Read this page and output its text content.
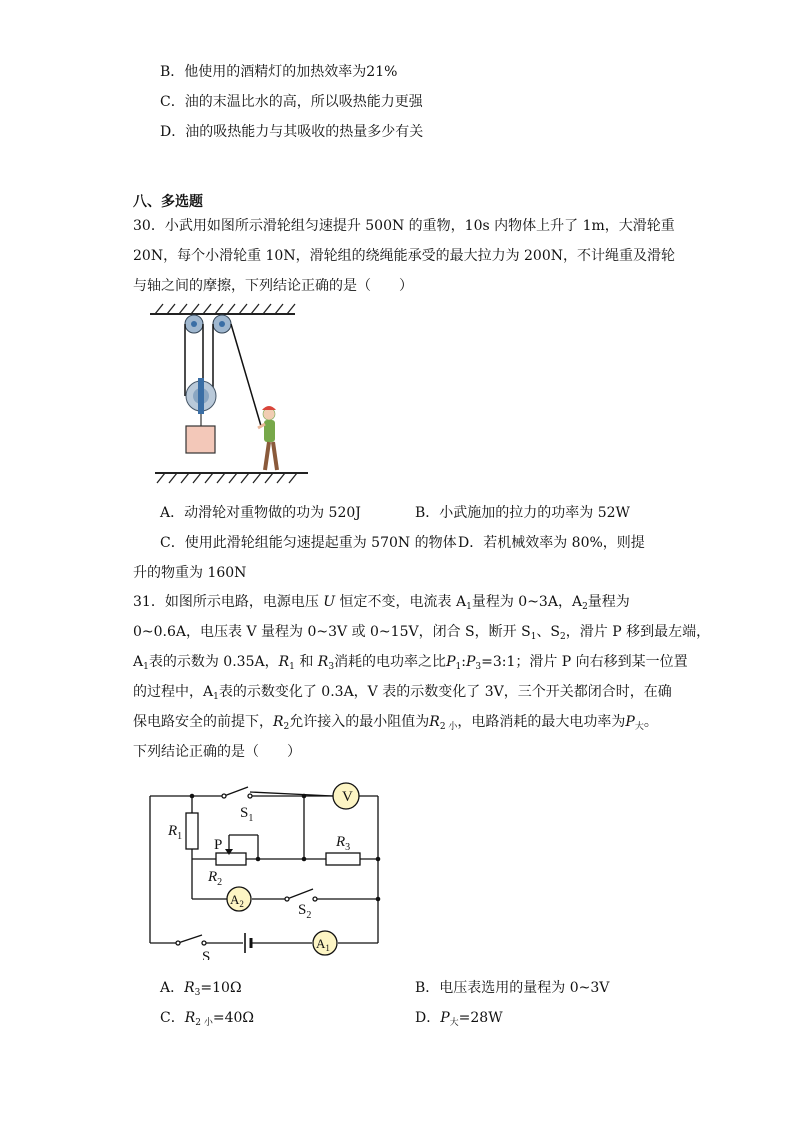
B．他使用的酒精灯的加热效率为21%
C．油的末温比水的高，所以吸热能力更强
D．油的吸热能力与其吸收的热量多少有关
八、多选题
30．小武用如图所示滑轮组匀速提升 500N 的重物，10s 内物体上升了 1m，大滑轮重
20N，每个小滑轮重 10N，滑轮组的绕绳能承受的最大拉力为 200N，不计绳重及滑轮
与轴之间的摩擦，下列结论正确的是（　　）
A．动滑轮对重物做的功为 520J	B．小武施加的拉力的功率为 52W
C．使用此滑轮组能匀速提起重为 570N 的物体 D．若机械效率为 80%，则提
升的物重为 160N
31．如图所示电路，电源电压 U 恒定不变，电流表 $A_1$量程为 0~3A，$A_2$量程为
0~0.6A，电压表 V 量程为 0~3V 或 0~15V，闭合 S，断开 $S_1$、$S_2$，滑片 P 移到最左端，
$A_1$表的示数为 0.35A，$R_1$ 和 $R_3$消耗的电功率之比$P_1:P_3=3:1$；滑片 P 向右移到某一位置
的过程中，$A_1$表的示数变化了 0.3A，V 表的示数变化了 3V，三个开关都闭合时，在确
保电路安全的前提下，$R_2$允许接入的最小阻值为$R_{2 小}$，电路消耗的最大电功率为$P_大$。
下列结论正确的是（　　）
V
$A_2$
$A_1$
$S_1$
$R_1$
P	$R_3$
$R_2$
$S_2$
S
A．$R_3=10\Omega$	B．电压表选用的量程为 0~3V
C．$R_{2 小}=40\Omega$	D．$P_大=28W$
